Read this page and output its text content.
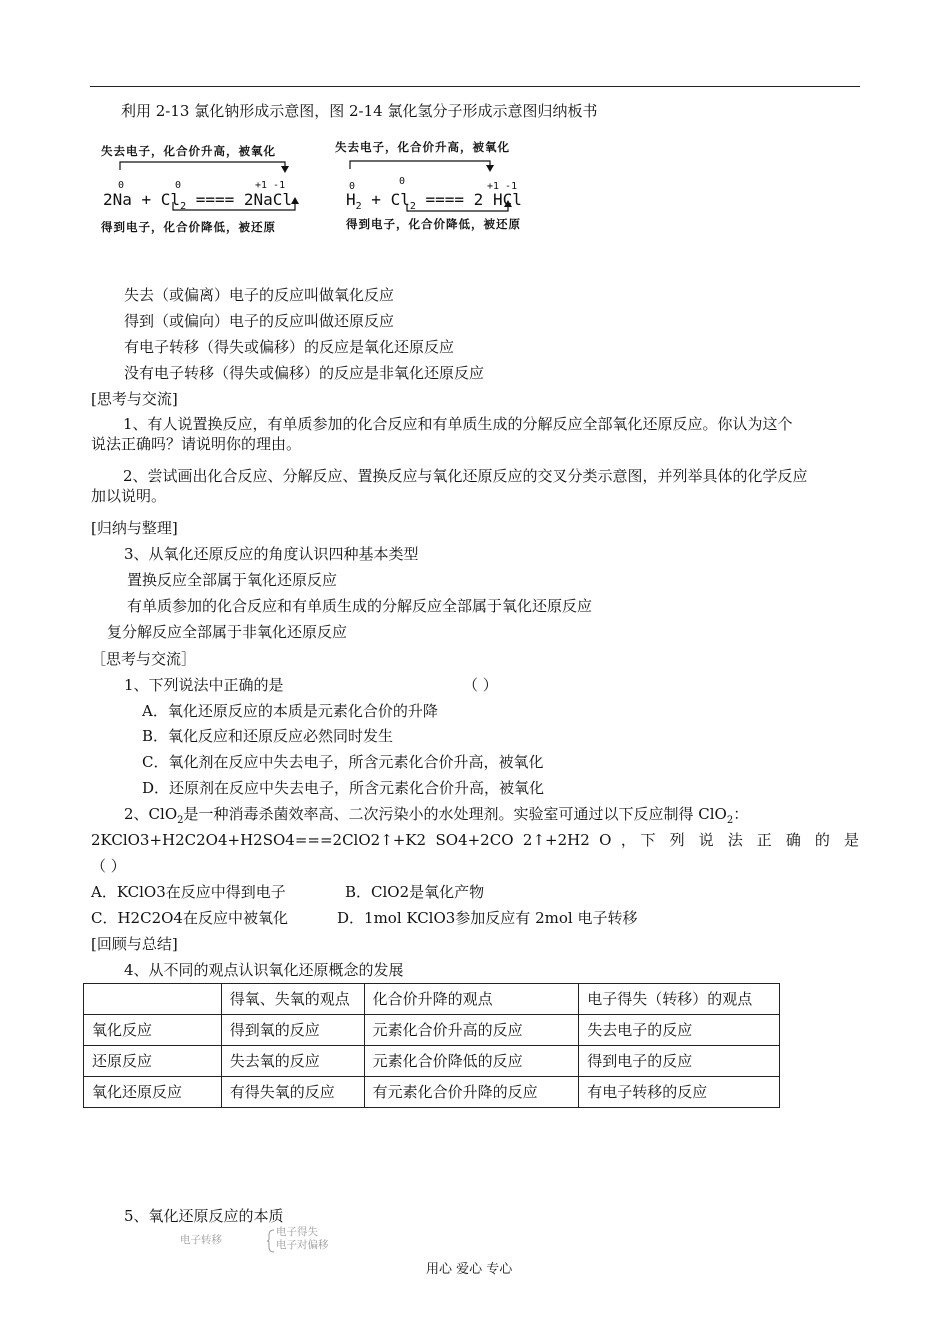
利用 2-13 氯化钠形成示意图，图 2-14 氯化氢分子形成示意图归纳板书
失去电子，化合价升高，被氧化
0	0	+1 -1
$2Na + Cl_2$ ==== 2NaCl
得到电子，化合价降低，被还原
失去电子，化合价升高，被氧化
0	0	+1 -1
$H_2 + Cl_2$ ==== 2 HCl
得到电子，化合价降低，被还原
失去（或偏离）电子的反应叫做氧化反应
得到（或偏向）电子的反应叫做还原反应
有电子转移（得失或偏移）的反应是氧化还原反应
没有电子转移（得失或偏移）的反应是非氧化还原反应
[思考与交流]
1、有人说置换反应，有单质参加的化合反应和有单质生成的分解反应全部氧化还原反应。你认为这个
说法正确吗？请说明你的理由。
2、尝试画出化合反应、分解反应、置换反应与氧化还原反应的交叉分类示意图，并列举具体的化学反应
加以说明。
[归纳与整理]
3、从氧化还原反应的角度认识四种基本类型
置换反应全部属于氧化还原反应
有单质参加的化合反应和有单质生成的分解反应全部属于氧化还原反应
复分解反应全部属于非氧化还原反应
［思考与交流］
1、下列说法中正确的是	（ ）
A．氧化还原反应的本质是元素化合价的升降
B．氧化反应和还原反应必然同时发生
C．氧化剂在反应中失去电子，所含元素化合价升高，被氧化
D．还原剂在反应中失去电子，所含元素化合价升高，被氧化
2、ClO$_2$是一种消毒杀菌效率高、二次污染小的水处理剂。实验室可通过以下反应制得 ClO$_2$：
2KClO3+H2C2O4+H2SO4===2ClO2↑+K2 SO4+2CO 2↑+2H2 O ，下 列 说 法 正 确 的 是
（ ）
A．KClO3在反应中得到电子	B．ClO2是氧化产物
C．H2C2O4在反应中被氧化	D．1mol KClO3参加反应有 2mol 电子转移
[回顾与总结]
4、从不同的观点认识氧化还原概念的发展
	得氧、失氧的观点	化合价升降的观点	电子得失（转移）的观点
氧化反应	得到氧的反应	元素化合价升高的反应	失去电子的反应
还原反应	失去氧的反应	元素化合价降低的反应	得到电子的反应
氧化还原反应	有得失氧的反应	有元素化合价升降的反应	有电子转移的反应
5、氧化还原反应的本质
电子转移
电子得失
电子对偏移
用心 爱心 专心
